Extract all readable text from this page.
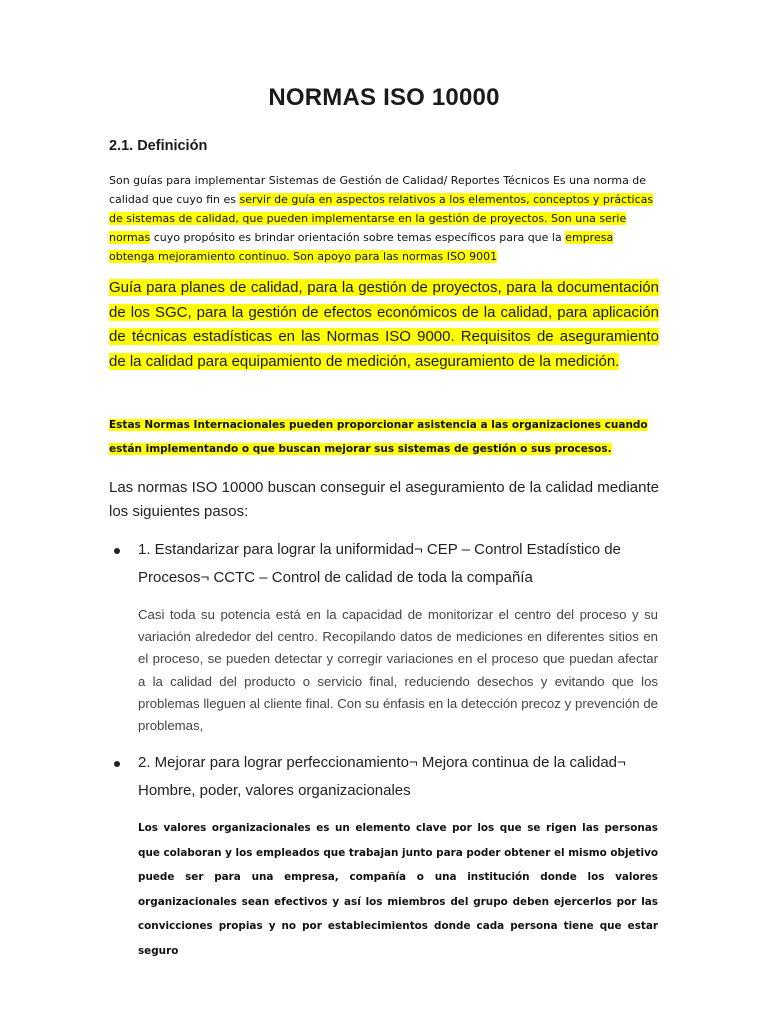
NORMAS ISO 10000
2.1. Definición
Son guías para implementar Sistemas de Gestión de Calidad/ Reportes Técnicos Es una norma de calidad que cuyo fin es servir de guía en aspectos relativos a los elementos, conceptos y prácticas de sistemas de calidad, que pueden implementarse en la gestión de proyectos. Son una serie normas cuyo propósito es brindar orientación sobre temas específicos para que la empresa obtenga mejoramiento continuo. Son apoyo para las normas ISO 9001
Guía para planes de calidad, para la gestión de proyectos, para la documentación de los SGC, para la gestión de efectos económicos de la calidad, para aplicación de técnicas estadísticas en las Normas ISO 9000. Requisitos de aseguramiento de la calidad para equipamiento de medición, aseguramiento de la medición.
Estas Normas Internacionales pueden proporcionar asistencia a las organizaciones cuando están implementando o que buscan mejorar sus sistemas de gestión o sus procesos.
Las normas ISO 10000 buscan conseguir el aseguramiento de la calidad mediante los siguientes pasos:
1. Estandarizar para lograr la uniformidad¬ CEP – Control Estadístico de Procesos¬ CCTC – Control de calidad de toda la compañía
Casi toda su potencia está en la capacidad de monitorizar el centro del proceso y su variación alrededor del centro. Recopilando datos de mediciones en diferentes sitios en el proceso, se pueden detectar y corregir variaciones en el proceso que puedan afectar a la calidad del producto o servicio final, reduciendo desechos y evitando que los problemas lleguen al cliente final. Con su énfasis en la detección precoz y prevención de problemas,
2. Mejorar para lograr perfeccionamiento¬ Mejora continua de la calidad¬ Hombre, poder, valores organizacionales
Los valores organizacionales es un elemento clave por los que se rigen las personas que colaboran y los empleados que trabajan junto para poder obtener el mismo objetivo puede ser para una empresa, compañía o una institución donde los valores organizacionales sean efectivos y así los miembros del grupo deben ejercerlos por las convicciones propias y no por establecimientos donde cada persona tiene que estar seguro
